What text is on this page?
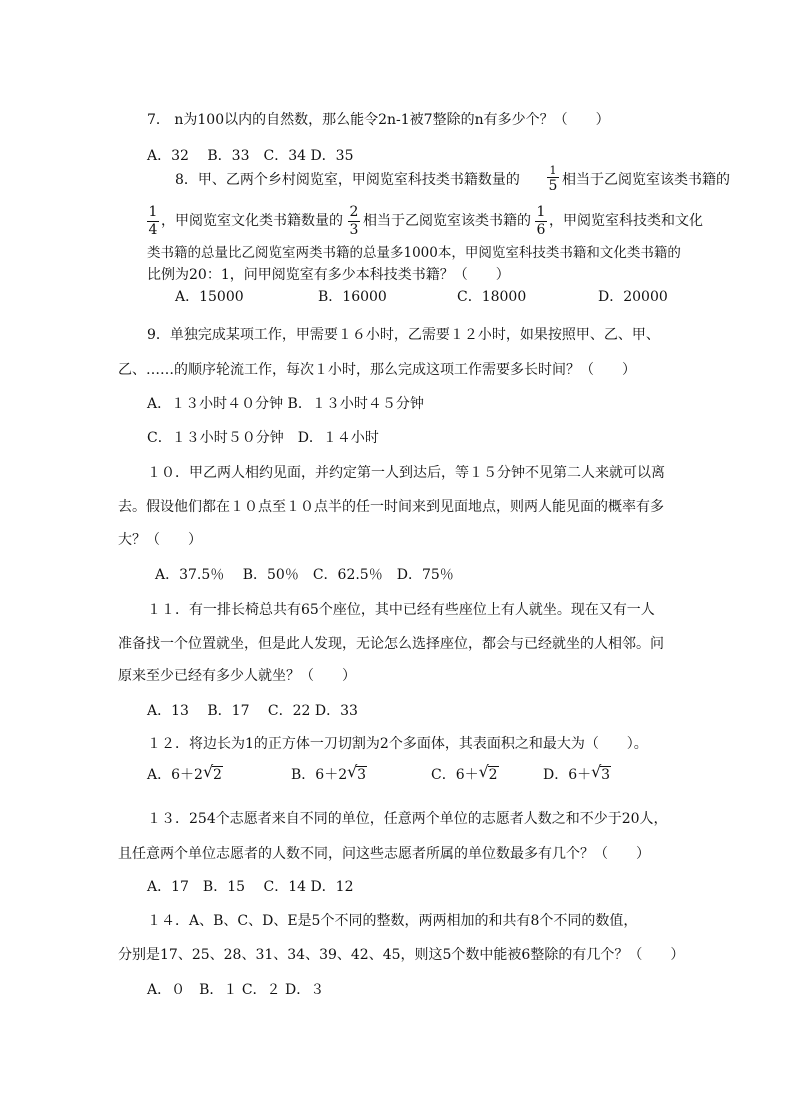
7． n为100以内的自然数，那么能令2n-1被7整除的n有多少个？（　　）
A．32　 B．33　C．34 D．35
8．甲、乙两个乡村阅览室，甲阅览室科技类书籍数量的
1
5 相当于乙阅览室该类书籍的
1
4
，甲阅览室文化类书籍数量的
2
3
相当于乙阅览室该类书籍的
1
6
，甲阅览室科技类和文化
类书籍的总量比乙阅览室两类书籍的总量多1000本，甲阅览室科技类书籍和文化类书籍的
比例为20：1，问甲阅览室有多少本科技类书籍？（　　）
A．15000	B．16000	C．18000	D．20000
9．单独完成某项工作，甲需要１６小时，乙需要１２小时，如果按照甲、乙、甲、
乙、……的顺序轮流工作，每次１小时，那么完成这项工作需要多长时间？（　　）
A．１３小时４０分钟 B．１３小时４５分钟
C．１３小时５０分钟　D．１４小时
１０．甲乙两人相约见面，并约定第一人到达后，等１５分钟不见第二人来就可以离
去。假设他们都在１０点至１０点半的任一时间来到见面地点，则两人能见面的概率有多
大？（　　）
A．37.5％　 B．50％　C．62.5％　D．75％
１１．有一排长椅总共有65个座位，其中已经有些座位上有人就坐。现在又有一人
准备找一个位置就坐，但是此人发现，无论怎么选择座位，都会与已经就坐的人相邻。问
原来至少已经有多少人就坐？（　　）
A．13　 B．17　 C．22 D．33
１２．将边长为1的正方体一刀切割为2个多面体，其表面积之和最大为（　　）。
A．6＋2 √ 2	B．6＋2 √ 3	C．6＋ √ 2	D．6＋ √ 3
１３．254个志愿者来自不同的单位，任意两个单位的志愿者人数之和不少于20人，
且任意两个单位志愿者的人数不同，问这些志愿者所属的单位数最多有几个？（　　）
A．17　B．15　 C．14 D．12
１４．A、B、C、D、E是5个不同的整数，两两相加的和共有8个不同的数值，
分别是17、25、28、31、34、39、42、45，则这5个数中能被6整除的有几个？（　　）
A．０　B．１ C．２ D．３
